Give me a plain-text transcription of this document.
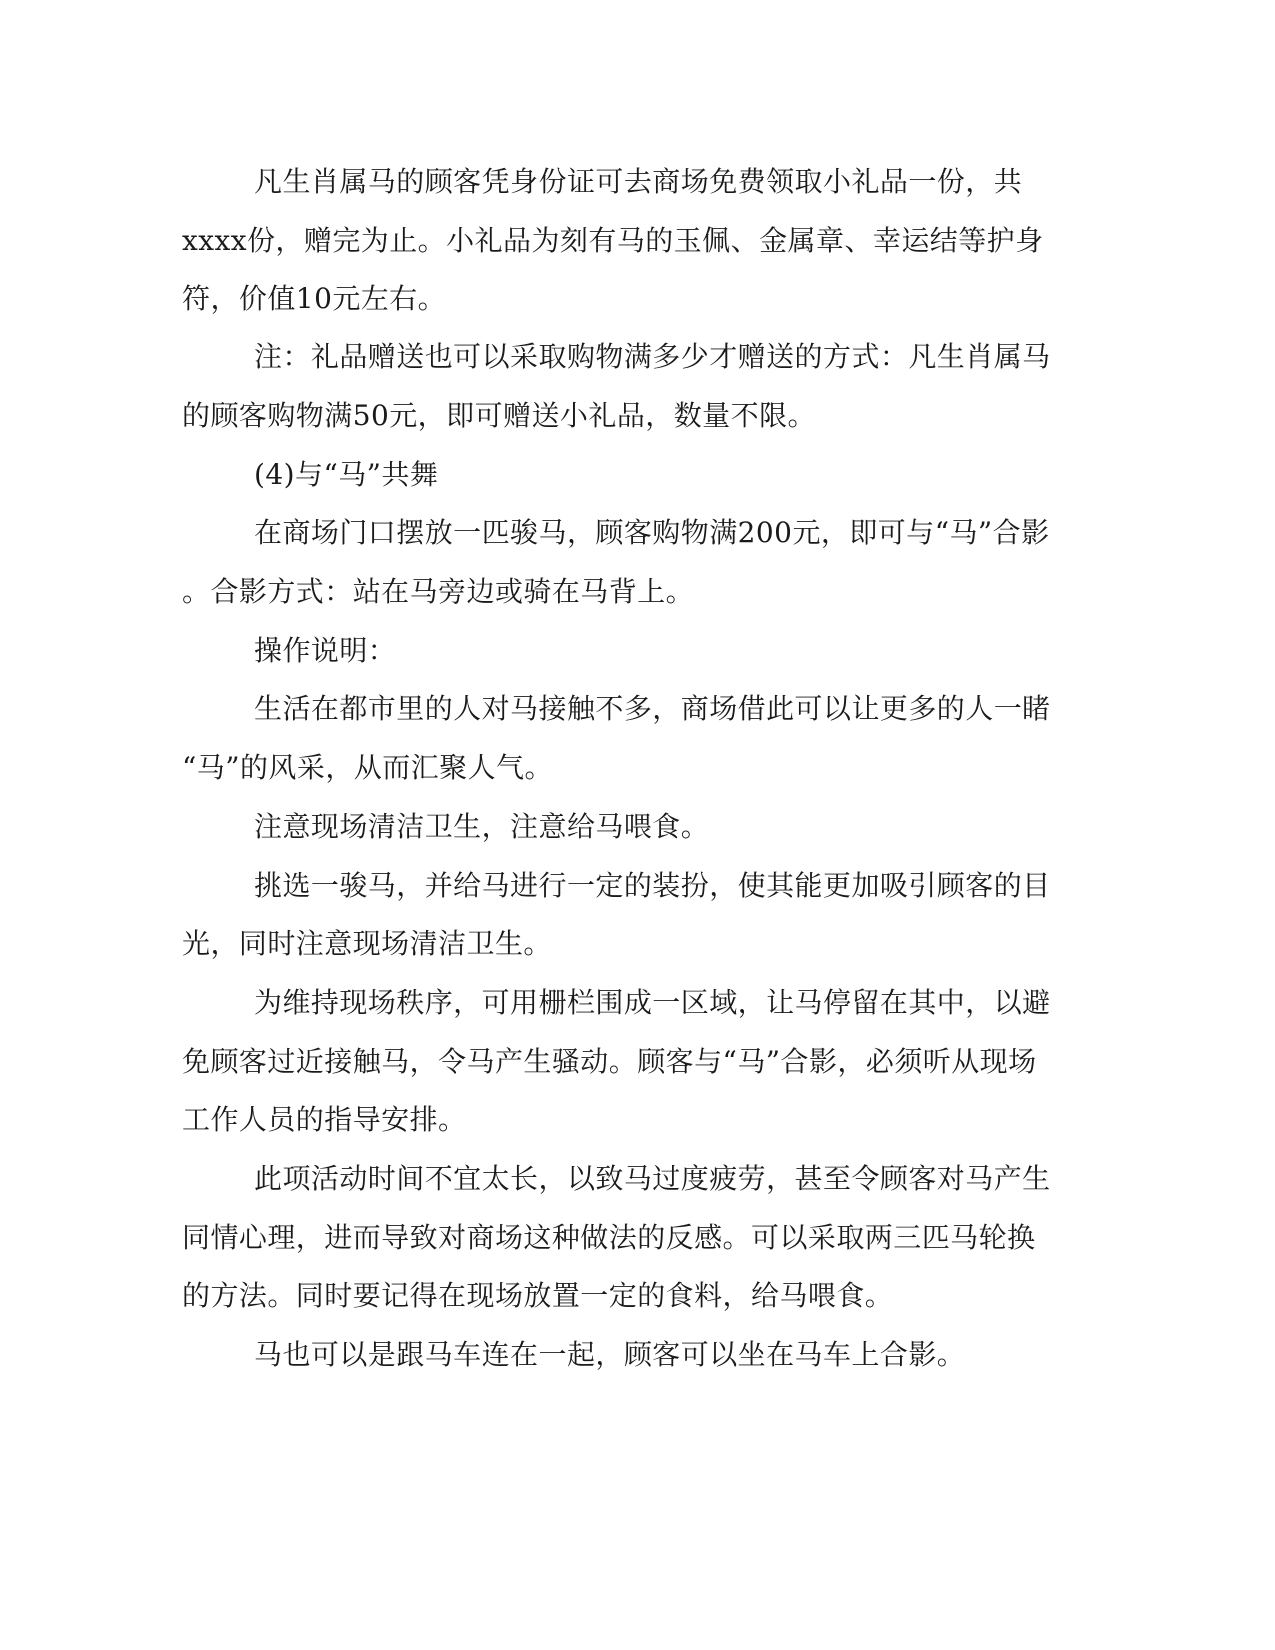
凡生肖属马的顾客凭身份证可去商场免费领取小礼品一份，共
xxxx份，赠完为止。小礼品为刻有马的玉佩、金属章、幸运结等护身
符，价值10元左右。
注：礼品赠送也可以采取购物满多少才赠送的方式：凡生肖属马
的顾客购物满50元，即可赠送小礼品，数量不限。
(4)与“马”共舞
在商场门口摆放一匹骏马，顾客购物满200元，即可与“马”合影
。合影方式：站在马旁边或骑在马背上。
操作说明：
生活在都市里的人对马接触不多，商场借此可以让更多的人一睹
“马”的风采，从而汇聚人气。
注意现场清洁卫生，注意给马喂食。
挑选一骏马，并给马进行一定的装扮，使其能更加吸引顾客的目
光，同时注意现场清洁卫生。
为维持现场秩序，可用栅栏围成一区域，让马停留在其中，以避
免顾客过近接触马，令马产生骚动。顾客与“马”合影，必须听从现场
工作人员的指导安排。
此项活动时间不宜太长，以致马过度疲劳，甚至令顾客对马产生
同情心理，进而导致对商场这种做法的反感。可以采取两三匹马轮换
的方法。同时要记得在现场放置一定的食料，给马喂食。
马也可以是跟马车连在一起，顾客可以坐在马车上合影。
